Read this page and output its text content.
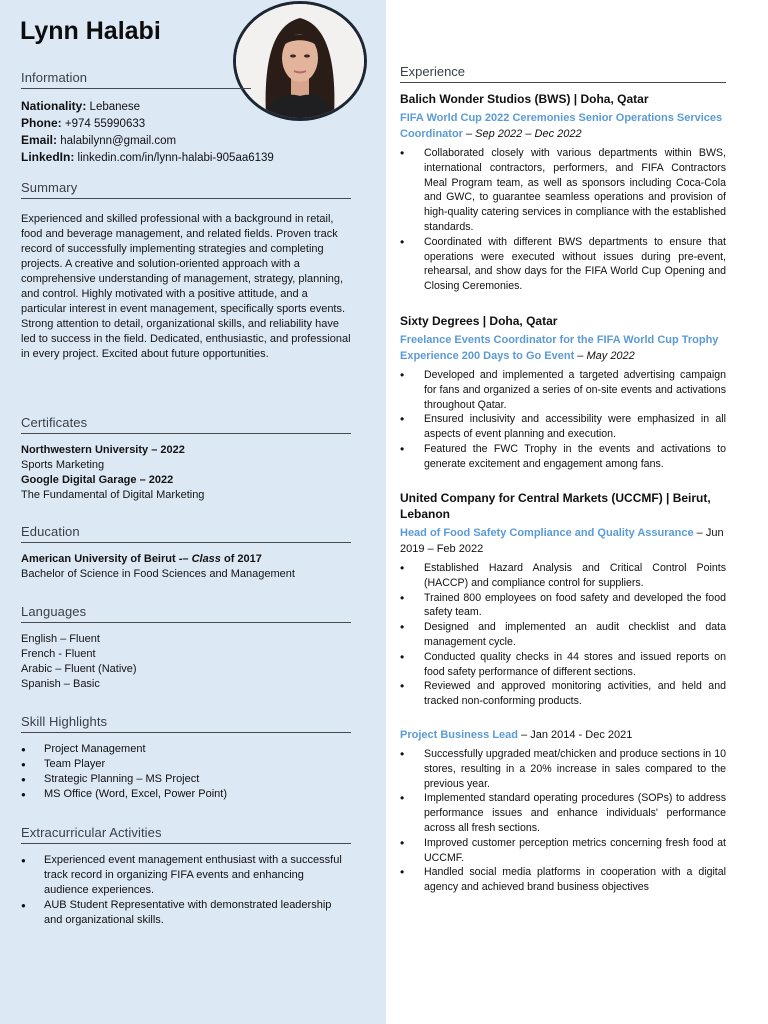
Lynn Halabi
Information
Nationality: Lebanese
Phone: +974 55990633
Email: halabilynn@gmail.com
LinkedIn: linkedin.com/in/lynn-halabi-905aa6139
Summary

Experienced and skilled professional with a background in retail, food and beverage management, and related fields. Proven track record of successfully implementing strategies and completing projects. A creative and solution-oriented approach with a comprehensive understanding of management, strategy, planning, and control. Highly motivated with a positive attitude, and a particular interest in event management, specifically sports events. Strong attention to detail, organizational skills, and reliability have led to success in the field. Dedicated, enthusiastic, and professional in every project. Excited about future opportunities.

Certificates
Northwestern University – 2022
Sports Marketing
Google Digital Garage – 2022
The Fundamental of Digital Marketing
Education
American University of Beirut -– Class of 2017
Bachelor of Science in Food Sciences and Management
Languages
English – Fluent
French - Fluent
Arabic – Fluent (Native)
Spanish – Basic
Skill Highlights
● Project Management
● Team Player
● Strategic Planning – MS Project
● MS Office (Word, Excel, Power Point)
Extracurricular Activities
● Experienced event management enthusiast with a successful track record in organizing FIFA events and enhancing audience experiences.
● AUB Student Representative with demonstrated leadership and organizational skills.
Experience
Balich Wonder Studios (BWS) | Doha, Qatar
FIFA World Cup 2022 Ceremonies Senior Operations Services Coordinator – Sep 2022 – Dec 2022
• Collaborated closely with various departments within BWS, international contractors, performers, and FIFA Contractors Meal Program team, as well as sponsors including Coca-Cola and GWC, to guarantee seamless operations and provision of high-quality catering services in compliance with the established standards.
• Coordinated with different BWS departments to ensure that operations were executed without issues during pre-event, rehearsal, and show days for the FIFA World Cup Opening and Closing Ceremonies.
Sixty Degrees | Doha, Qatar
Freelance Events Coordinator for the FIFA World Cup Trophy Experience 200 Days to Go Event – May 2022
• Developed and implemented a targeted advertising campaign for fans and organized a series of on-site events and activations throughout Qatar.
• Ensured inclusivity and accessibility were emphasized in all aspects of event planning and execution.
• Featured the FWC Trophy in the events and activations to generate excitement and engagement among fans.
United Company for Central Markets (UCCMF) | Beirut, Lebanon
Head of Food Safety Compliance and Quality Assurance – Jun 2019 – Feb 2022
• Established Hazard Analysis and Critical Control Points (HACCP) and compliance control for suppliers.
• Trained 800 employees on food safety and developed the food safety team.
• Designed and implemented an audit checklist and data management cycle.
• Conducted quality checks in 44 stores and issued reports on food safety performance of different sections.
• Reviewed and approved monitoring activities, and held and tracked non-conforming products.
Project Business Lead – Jan 2014 - Dec 2021
• Successfully upgraded meat/chicken and produce sections in 10 stores, resulting in a 20% increase in sales compared to the previous year.
• Implemented standard operating procedures (SOPs) to address performance issues and enhance individuals' performance across all fresh sections.
• Improved customer perception metrics concerning fresh food at UCCMF.
• Handled social media platforms in cooperation with a digital agency and achieved brand business objectives
